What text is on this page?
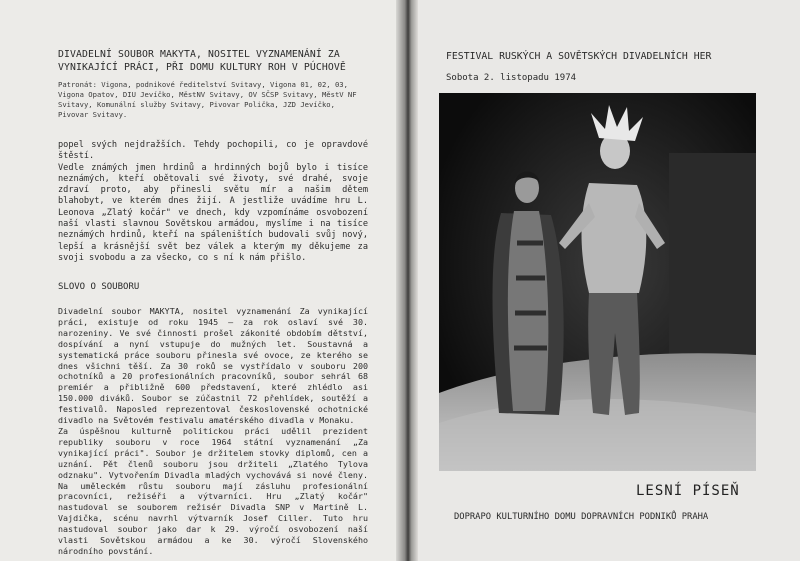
DIVADELNÍ SOUBOR MAKYTA, NOSITEL VYZNAMENÁNÍ ZA VYNIKAJÍCÍ PRÁCI, PŘI DOMU KULTURY ROH V PÚCHOVĚ
Patronát: Vigona, podnikové ředitelství Svitavy, Vigona 01, 02, 03, Vigona Opatov, DIU Jevíčko, MěstNV Svitavy, OV SČSP Svitavy, MěstV NF Svitavy, Komunální služby Svitavy, Pivovar Polička, JZD Jevíčko, Pivovar Svitavy.
popel svých nejdražších. Tehdy pochopili, co je opravdové štěstí.
Vedle známých jmen hrdinů a hrdinných bojů bylo i tisíce neznámých, kteří obětovali své životy, své drahé, svoje zdraví proto, aby přinesli světu mír a našim dětem blahobyt, ve kterém dnes žijí. A jestliže uvádíme hru L. Leonova „Zlatý kočár" ve dnech, kdy vzpomínáme osvobození naší vlasti slavnou Sovětskou armádou, myslíme i na tisíce neznámých hrdinů, kteří na spáleništích budovali svůj nový, lepší a krásnější svět bez válek a kterým my děkujeme za svoji svobodu a za všecko, co s ní k nám přišlo.
SLOVO O SOUBORU
Divadelní soubor MAKYTA, nositel vyznamenání Za vynikající práci, existuje od roku 1945 — za rok oslaví své 30. narozeniny. Ve své činnosti prošel zákonité obdobím dětství, dospívání a nyní vstupuje do mužných let. Soustavná a systematická práce souboru přinesla své ovoce, ze kterého se dnes všichni těší. Za 30 roků se vystřídalo v souboru 200 ochotníků a 20 profesionálních pracovníků, soubor sehrál 68 premiér a přibližně 600 představení, které zhlédlo asi 150.000 diváků. Soubor se zúčastnil 72 přehlídek, soutěží a festivalů. Naposled reprezentoval československé ochotnické divadlo na Světovém festivalu amatérského divadla v Monaku.
Za úspěšnou kulturně politickou práci udělil prezident republiky souboru v roce 1964 státní vyznamenání „Za vynikající práci". Soubor je držitelem stovky diplomů, cen a uznání. Pět členů souboru jsou držiteli „Zlatého Tylova odznaku". Vytvořením Divadla mladých vychovává si nové členy. Na uměleckém růstu souboru mají zásluhu profesionální pracovníci, režiséři a výtvarníci. Hru „Zlatý kočár" nastudoval se souborem režisér Divadla SNP v Martině L. Vajdička, scénu navrhl výtvarník Josef Ciller. Tuto hru nastudoval soubor jako dar k 29. výročí osvobození naší vlasti Sovětskou armádou a ke 30. výročí Slovenského národního povstání.
FESTIVAL RUSKÝCH A SOVĚTSKÝCH DIVADELNÍCH HER
Sobota 2. listopadu 1974
LESNÍ PÍSEŇ
DOPRAPO KULTURNÍHO DOMU DOPRAVNÍCH PODNIKŮ PRAHA
